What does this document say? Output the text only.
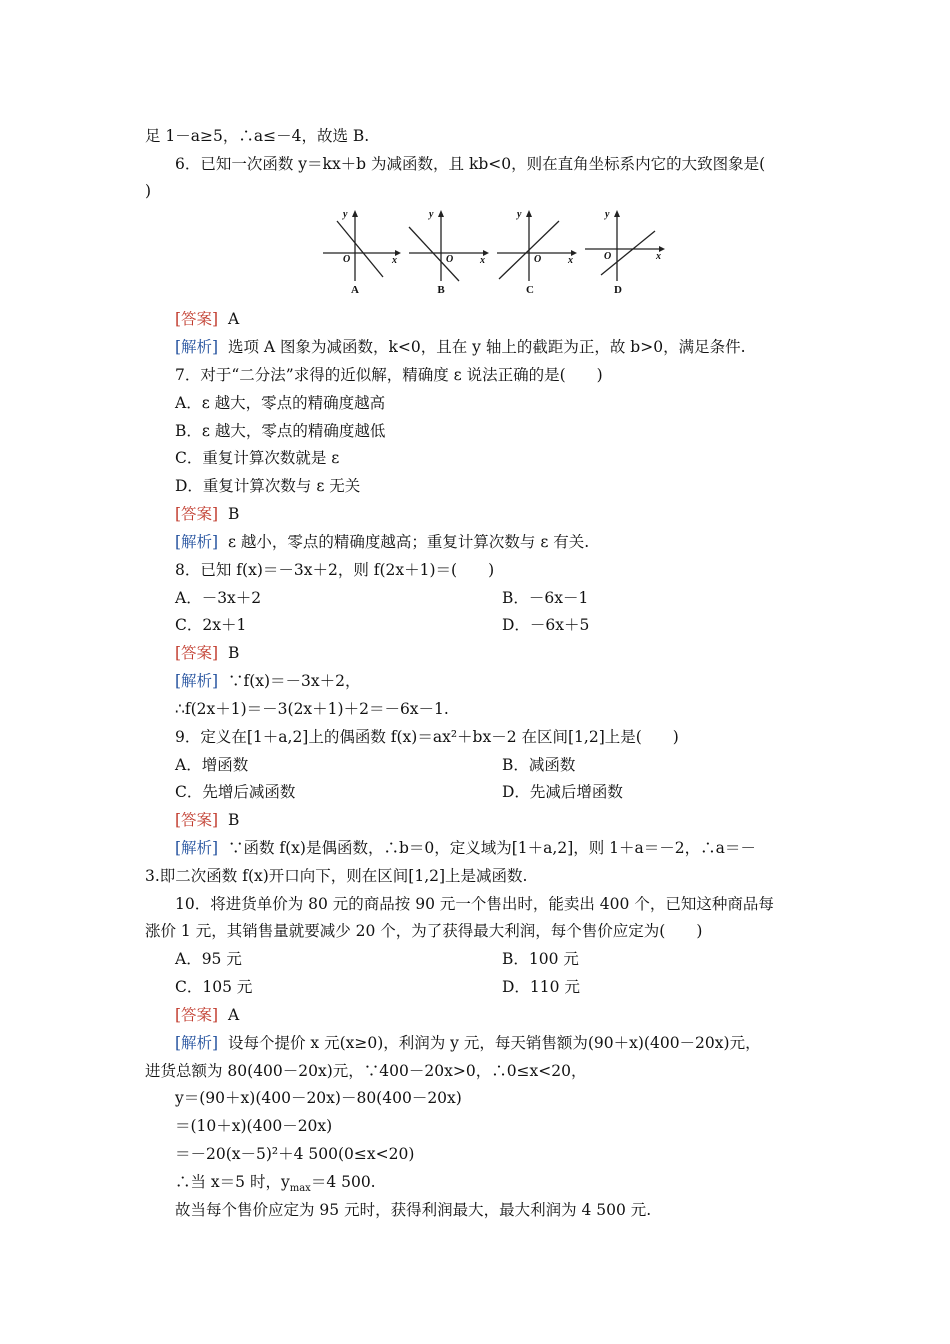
足 1－a≥5，∴a≤－4，故选 B.
6．已知一次函数 y＝kx＋b 为减函数，且 kb<0，则在直角坐标系内它的大致图象是(
)
y
x
O
A
y
x
O
B
y
x
O
C
y
x
O
D
[答案] A
[解析] 选项 A 图象为减函数，k<0，且在 y 轴上的截距为正，故 b>0，满足条件.
7．对于“二分法”求得的近似解，精确度 ε 说法正确的是(　　)
A．ε 越大，零点的精确度越高
B．ε 越大，零点的精确度越低
C．重复计算次数就是 ε
D．重复计算次数与 ε 无关
[答案] B
[解析] ε 越小，零点的精确度越高；重复计算次数与 ε 有关.
8．已知 f(x)＝－3x＋2，则 f(2x＋1)＝(　　)
A．－3x＋2	B．－6x－1
C．2x＋1	D．－6x＋5
[答案] B
[解析] ∵f(x)＝－3x＋2，
∴f(2x＋1)＝－3(2x＋1)＋2＝－6x－1.
9．定义在[1＋a,2]上的偶函数 f(x)＝ax²＋bx－2 在区间[1,2]上是(　　)
A．增函数	B．减函数
C．先增后减函数	D．先减后增函数
[答案] B
[解析] ∵函数 f(x)是偶函数，∴b＝0，定义域为[1＋a,2]，则 1＋a＝－2，∴a＝－
3.即二次函数 f(x)开口向下，则在区间[1,2]上是减函数.
10．将进货单价为 80 元的商品按 90 元一个售出时，能卖出 400 个，已知这种商品每
涨价 1 元，其销售量就要减少 20 个，为了获得最大利润，每个售价应定为(　　)
A．95 元	B．100 元
C．105 元	D．110 元
[答案] A
[解析] 设每个提价 x 元(x≥0)，利润为 y 元，每天销售额为(90＋x)(400－20x)元，
进货总额为 80(400－20x)元，∵400－20x>0，∴0≤x<20，
y＝(90＋x)(400－20x)－80(400－20x)
＝(10＋x)(400－20x)
＝－20(x－5)²＋4 500(0≤x<20)
∴当 x＝5 时，$y_{max}=4$ 500.
故当每个售价应定为 95 元时，获得利润最大，最大利润为 4 500 元.
